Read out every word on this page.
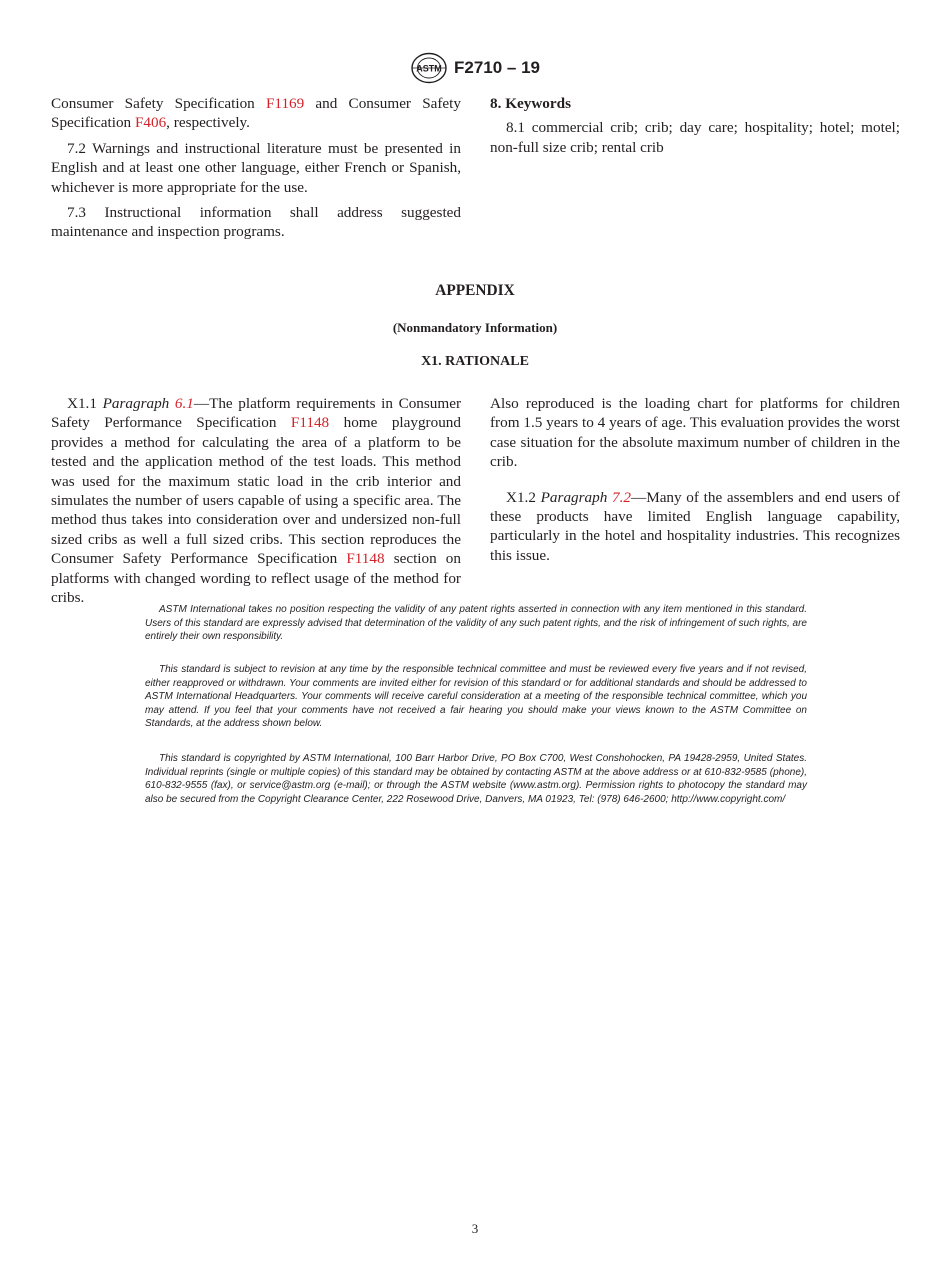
ASTM F2710 – 19

Consumer Safety Specification F1169 and Consumer Safety Specification F406, respectively.

7.2 Warnings and instructional literature must be presented in English and at least one other language, either French or Spanish, whichever is more appropriate for the use.

7.3 Instructional information shall address suggested maintenance and inspection programs.

8. Keywords

8.1 commercial crib; crib; day care; hospitality; hotel; motel; non-full size crib; rental crib

APPENDIX
(Nonmandatory Information)
X1. RATIONALE

X1.1 Paragraph 6.1—The platform requirements in Consumer Safety Performance Specification F1148 home playground provides a method for calculating the area of a platform to be tested and the application method of the test loads. This method was used for the maximum static load in the crib interior and simulates the number of users capable of using a specific area. The method thus takes into consideration over and undersized non-full sized cribs as well a full sized cribs. This section reproduces the Consumer Safety Performance Specification F1148 section on platforms with changed wording to reflect usage of the method for cribs.

Also reproduced is the loading chart for platforms for children from 1.5 years to 4 years of age. This evaluation provides the worst case situation for the absolute maximum number of children in the crib.

X1.2 Paragraph 7.2—Many of the assemblers and end users of these products have limited English language capability, particularly in the hotel and hospitality industries. This recognizes this issue.

ASTM International takes no position respecting the validity of any patent rights asserted in connection with any item mentioned in this standard. Users of this standard are expressly advised that determination of the validity of any such patent rights, and the risk of infringement of such rights, are entirely their own responsibility.
This standard is subject to revision at any time by the responsible technical committee and must be reviewed every five years and if not revised, either reapproved or withdrawn. Your comments are invited either for revision of this standard or for additional standards and should be addressed to ASTM International Headquarters. Your comments will receive careful consideration at a meeting of the responsible technical committee, which you may attend. If you feel that your comments have not received a fair hearing you should make your views known to the ASTM Committee on Standards, at the address shown below.
This standard is copyrighted by ASTM International, 100 Barr Harbor Drive, PO Box C700, West Conshohocken, PA 19428-2959, United States. Individual reprints (single or multiple copies) of this standard may be obtained by contacting ASTM at the above address or at 610-832-9585 (phone), 610-832-9555 (fax), or service@astm.org (e-mail); or through the ASTM website (www.astm.org). Permission rights to photocopy the standard may also be secured from the Copyright Clearance Center, 222 Rosewood Drive, Danvers, MA 01923, Tel: (978) 646-2600; http://www.copyright.com/
3
